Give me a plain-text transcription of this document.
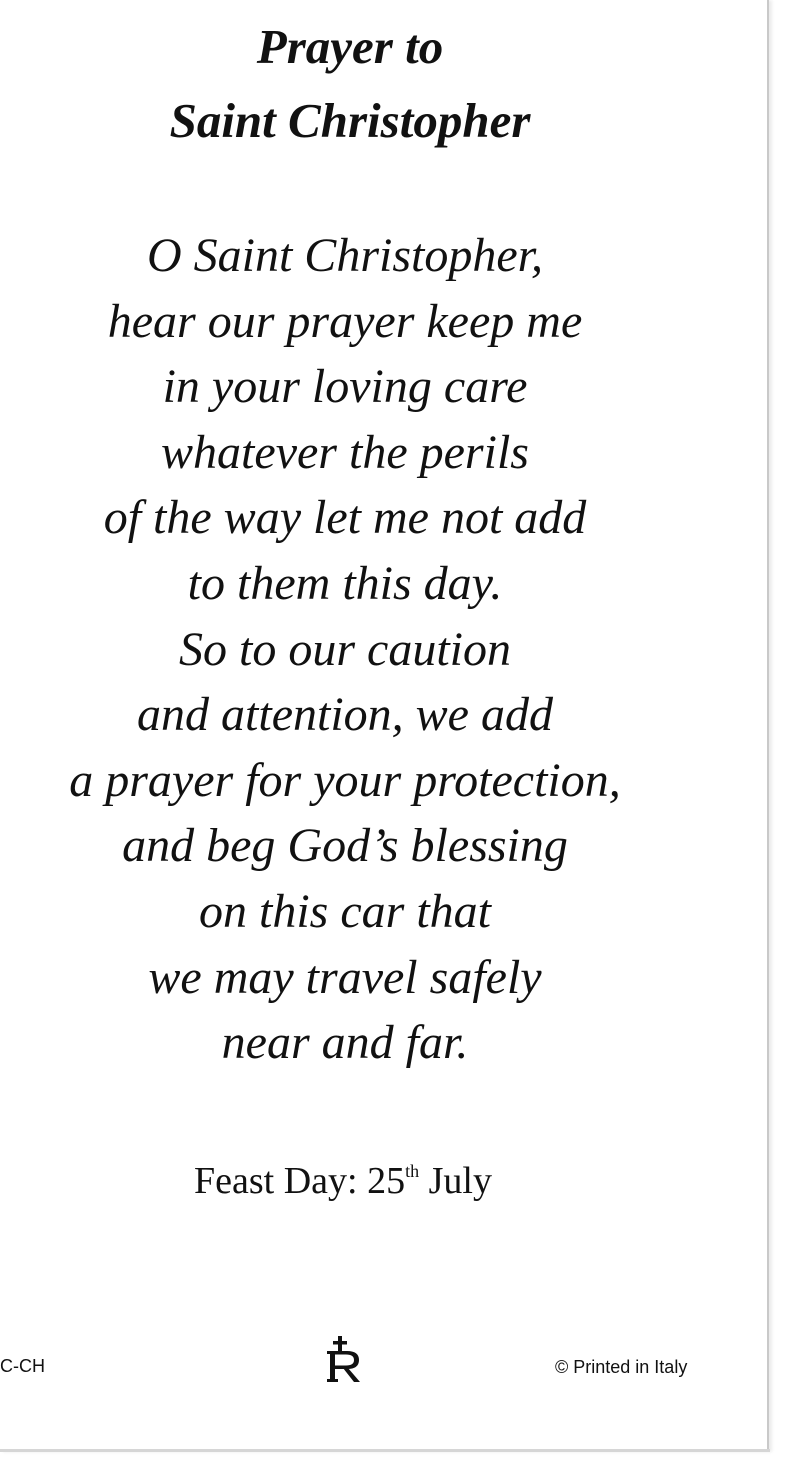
Prayer to
Saint Christopher
O Saint Christopher,
hear our prayer keep me
in your loving care
whatever the perils
of the way let me not add
to them this day.
So to our caution
and attention, we add
a prayer for your protection,
and beg God’s blessing
on this car that
we may travel safely
near and far.
Feast Day: 25th July
C-CH	© Printed in Italy
